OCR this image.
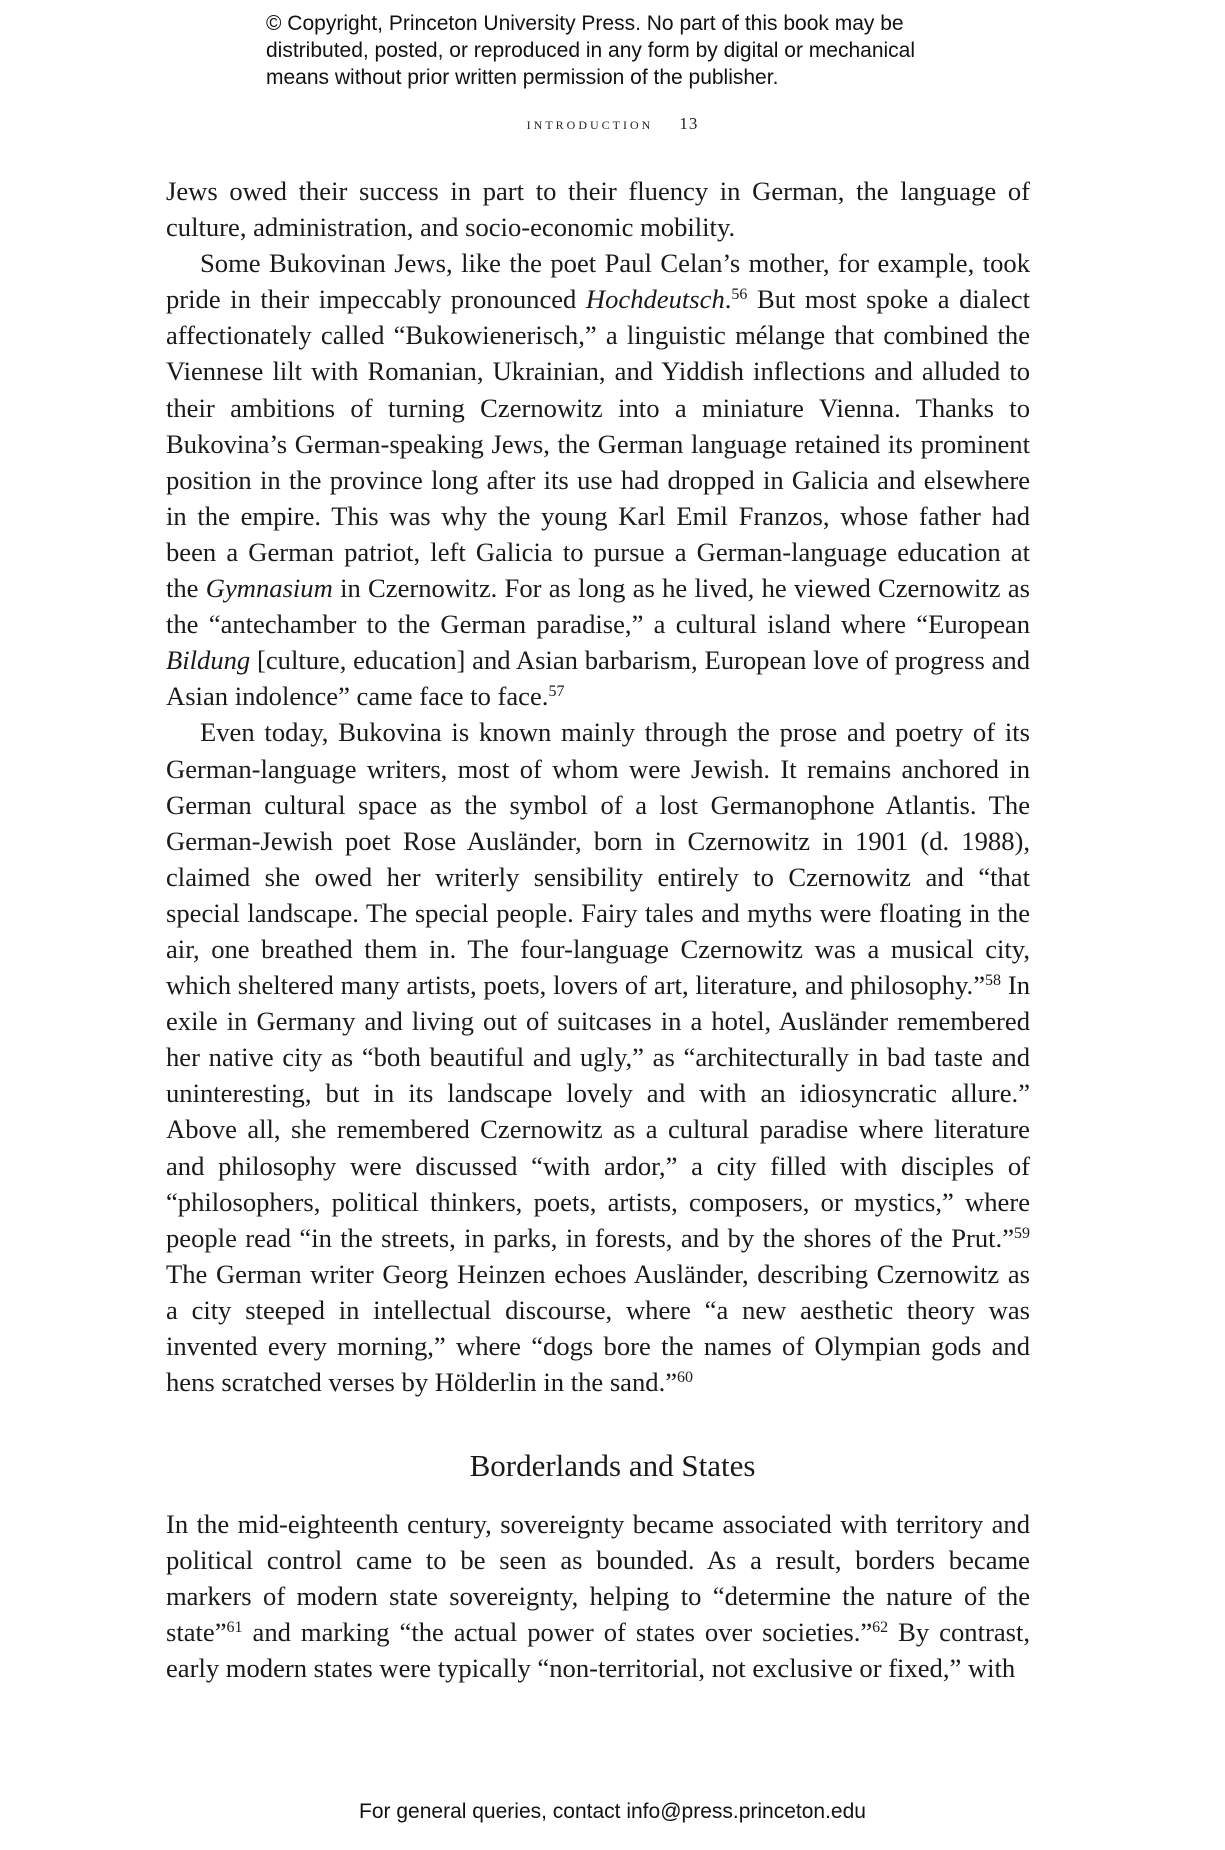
© Copyright, Princeton University Press. No part of this book may be
distributed, posted, or reproduced in any form by digital or mechanical
means without prior written permission of the publisher.
introduction 13

Jews owed their success in part to their fluency in German, the language of culture, administration, and socio-economic mobility.

Some Bukovinan Jews, like the poet Paul Celan’s mother, for example, took pride in their impeccably pronounced Hochdeutsch.$^{56}$ But most spoke a dialect affectionately called “Bukowienerisch,” a linguistic mélange that combined the Viennese lilt with Romanian, Ukrainian, and Yiddish inflections and alluded to their ambitions of turning Czernowitz into a miniature Vienna. Thanks to Bukovina’s German-speaking Jews, the German language retained its prominent position in the province long after its use had dropped in Galicia and elsewhere in the empire. This was why the young Karl Emil Franzos, whose father had been a German patriot, left Galicia to pursue a German-language education at the Gymnasium in Czernowitz. For as long as he lived, he viewed Czernowitz as the “antechamber to the German paradise,” a cultural island where “European Bildung [culture, education] and Asian barbarism, European love of progress and Asian indolence” came face to face.$^{57}$

Even today, Bukovina is known mainly through the prose and poetry of its German-language writers, most of whom were Jewish. It remains anchored in German cultural space as the symbol of a lost Germanophone Atlantis. The German-Jewish poet Rose Ausländer, born in Czernowitz in 1901 (d. 1988), claimed she owed her writerly sensibility entirely to Czernowitz and “that special landscape. The special people. Fairy tales and myths were floating in the air, one breathed them in. The four-language Czernowitz was a musical city, which sheltered many artists, poets, lovers of art, literature, and philosophy.”$^{58}$ In exile in Germany and living out of suitcases in a hotel, Ausländer remembered her native city as “both beautiful and ugly,” as “architecturally in bad taste and uninteresting, but in its landscape lovely and with an idiosyncratic allure.” Above all, she remembered Czernowitz as a cultural paradise where literature and philosophy were discussed “with ardor,” a city filled with disciples of “philosophers, political thinkers, poets, artists, composers, or mystics,” where people read “in the streets, in parks, in forests, and by the shores of the Prut.”$^{59}$ The German writer Georg Heinzen echoes Ausländer, describing Czernowitz as a city steeped in intellectual discourse, where “a new aesthetic theory was invented every morning,” where “dogs bore the names of Olympian gods and hens scratched verses by Hölderlin in the sand.”$^{60}$

Borderlands and States

In the mid-eighteenth century, sovereignty became associated with territory and political control came to be seen as bounded. As a result, borders became markers of modern state sovereignty, helping to “determine the nature of the state”$^{61}$ and marking “the actual power of states over societies.”$^{62}$ By contrast, early modern states were typically “non-territorial, not exclusive or fixed,” with

For general queries, contact info@press.princeton.edu
